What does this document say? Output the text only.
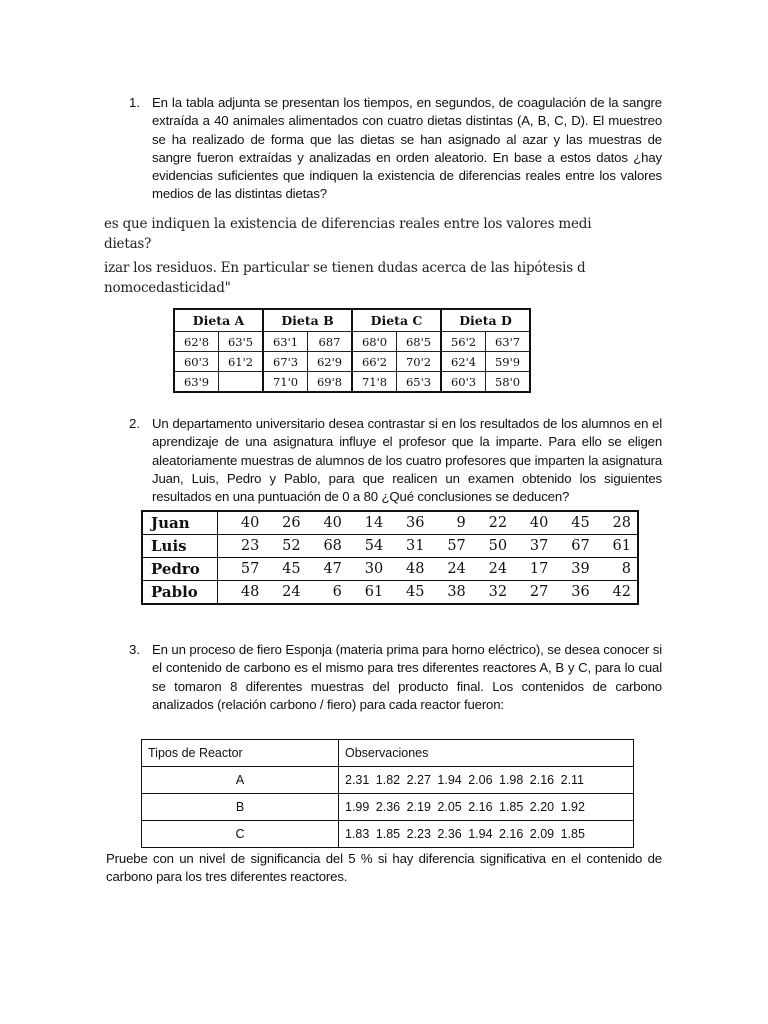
1. En la tabla adjunta se presentan los tiempos, en segundos, de coagulación de la sangre extraída a 40 animales alimentados con cuatro dietas distintas (A, B, C, D). El muestreo se ha realizado de forma que las dietas se han asignado al azar y las muestras de sangre fueron extraídas y analizadas en orden aleatorio. En base a estos datos ¿hay evidencias suficientes que indiquen la existencia de diferencias reales entre los valores medios de las distintas dietas?
es que indiquen la existencia de diferencias reales entre los valores medi
dietas?
izar los residuos. En particular se tienen dudas acerca de las hipótesis d
nomocedasticidad"
Dieta A		Dieta B		Dieta C		Dieta D	
62'8	63'5	63'1	687	68'0	68'5	56'2	63'7
60'3	61'2	67'3	62'9	66'2	70'2	62'4	59'9
63'9		71'0	69'8	71'8	65'3	60'3	58'0
2. Un departamento universitario desea contrastar si en los resultados de los alumnos en el aprendizaje de una asignatura influye el profesor que la imparte. Para ello se eligen aleatoriamente muestras de alumnos de los cuatro profesores que imparten la asignatura Juan, Luis, Pedro y Pablo, para que realicen un examen obtenido los siguientes resultados en una puntuación de 0 a 80 ¿Qué conclusiones se deducen?
Juan	40	26	40	14	36	9	22	40	45	28
Luis	23	52	68	54	31	57	50	37	67	61
Pedro	57	45	47	30	48	24	24	17	39	8
Pablo	48	24	6	61	45	38	32	27	36	42
3. En un proceso de fiero Esponja (materia prima para horno eléctrico), se desea conocer si el contenido de carbono es el mismo para tres diferentes reactores A, B y C, para lo cual se tomaron 8 diferentes muestras del producto final. Los contenidos de carbono analizados (relación carbono / fiero) para cada reactor fueron:
Tipos de Reactor	Observaciones
A	2.31 1.82 2.27 1.94 2.06 1.98 2.16 2.11
B	1.99 2.36 2.19 2.05 2.16 1.85 2.20 1.92
C	1.83 1.85 2.23 2.36 1.94 2.16 2.09 1.85
Pruebe con un nivel de significancia del 5 % si hay diferencia significativa en el contenido de carbono para los tres diferentes reactores.
